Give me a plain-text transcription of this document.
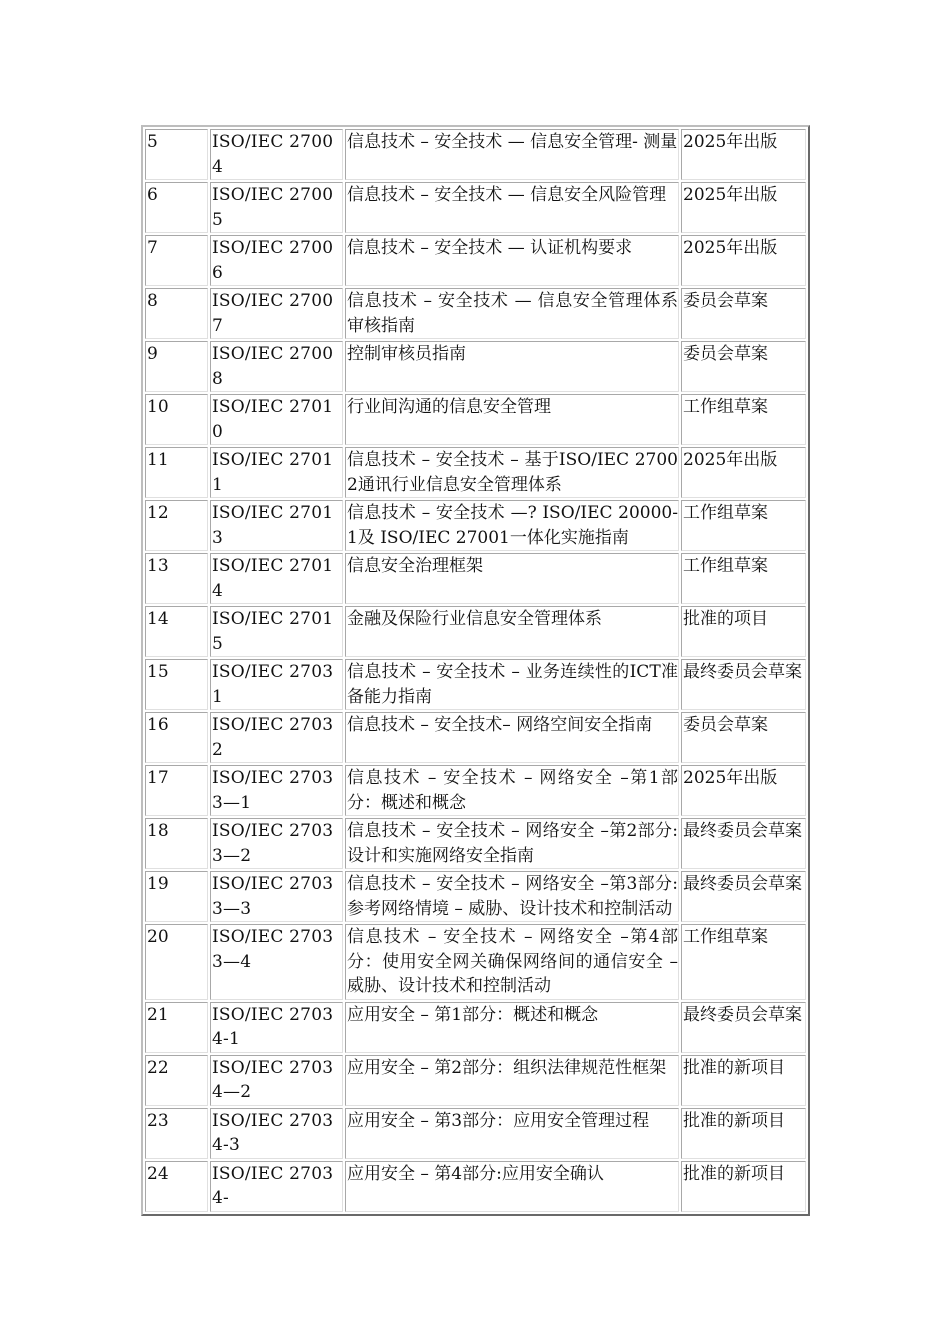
5	ISO/IEC 27004	信息技术 – 安全技术 — 信息安全管理- 测量	2025年出版
6	ISO/IEC 27005	信息技术 – 安全技术 — 信息安全风险管理	2025年出版
7	ISO/IEC 27006	信息技术 – 安全技术 — 认证机构要求	2025年出版
8	ISO/IEC 27007	信息技术 – 安全技术 — 信息安全管理体系审核指南	委员会草案
9	ISO/IEC 27008	控制审核员指南	委员会草案
10	ISO/IEC 27010	行业间沟通的信息安全管理	工作组草案
11	ISO/IEC 27011	信息技术 – 安全技术 – 基于ISO/IEC 27002通讯行业信息安全管理体系	2025年出版
12	ISO/IEC 27013	信息技术 – 安全技术 —? ISO/IEC 20000-1及 ISO/IEC 27001一体化实施指南	工作组草案
13	ISO/IEC 27014	信息安全治理框架	工作组草案
14	ISO/IEC 27015	金融及保险行业信息安全管理体系	批准的项目
15	ISO/IEC 27031	信息技术 – 安全技术 – 业务连续性的ICT准备能力指南	最终委员会草案
16	ISO/IEC 27032	信息技术 – 安全技术– 网络空间安全指南	委员会草案
17	ISO/IEC 27033—1	信息技术 – 安全技术 – 网络安全 –第1部分：概述和概念	2025年出版
18	ISO/IEC 27033—2	信息技术 – 安全技术 – 网络安全 –第2部分:设计和实施网络安全指南	最终委员会草案
19	ISO/IEC 27033—3	信息技术 – 安全技术 – 网络安全 –第3部分:参考网络情境 – 威胁、设计技术和控制活动	最终委员会草案
20	ISO/IEC 27033—4	信息技术 – 安全技术 – 网络安全 –第4部分：使用安全网关确保网络间的通信安全 – 威胁、设计技术和控制活动	工作组草案
21	ISO/IEC 27034-1	应用安全 – 第1部分：概述和概念	最终委员会草案
22	ISO/IEC 27034—2	应用安全 – 第2部分：组织法律规范性框架	批准的新项目
23	ISO/IEC 27034-3	应用安全 – 第3部分：应用安全管理过程	批准的新项目
24	ISO/IEC 27034-	应用安全 – 第4部分:应用安全确认	批准的新项目
